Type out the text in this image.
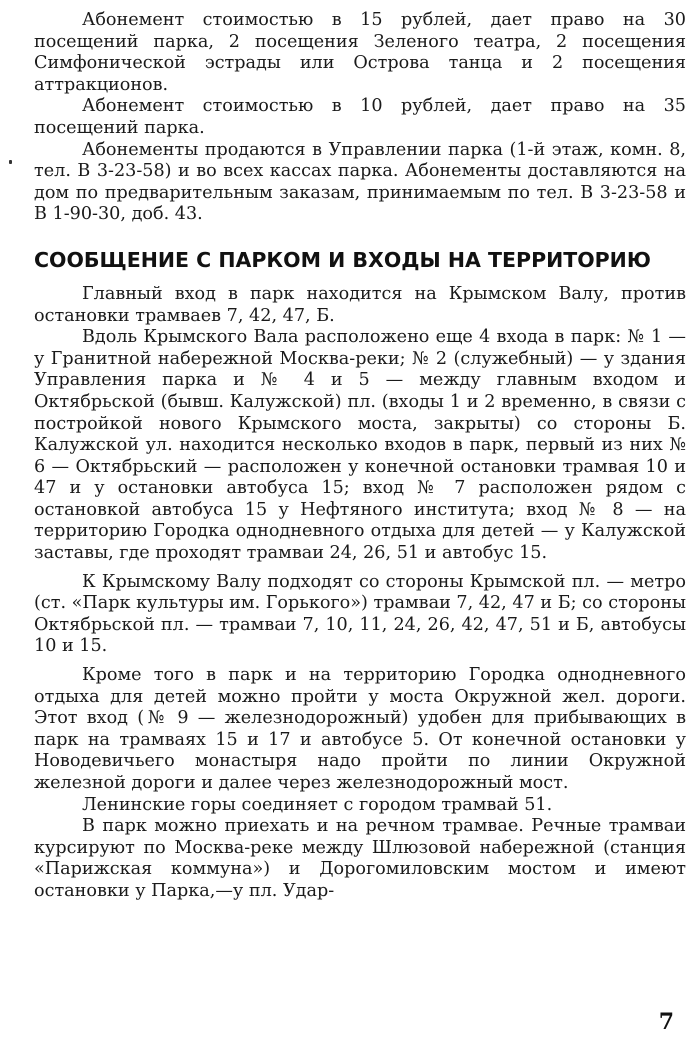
Абонемент стоимостью в 15 рублей, дает право на 30 посещений парка, 2 посещения Зеленого театра, 2 посещения Симфонической эстрады или Острова танца и 2 посещения аттракционов.

Абонемент стоимостью в 10 рублей, дает право на 35 посещений парка.

Абонементы продаются в Управлении парка (1-й этаж, комн. 8, тел. В 3-23-58) и во всех кассах парка. Абонементы доставляются на дом по предварительным заказам, принимаемым по тел. В 3-23-58 и В 1-90-30, доб. 43.

СООБЩЕНИЕ С ПАРКОМ И ВХОДЫ НА ТЕРРИТОРИЮ

Главный вход в парк находится на Крымском Валу, против остановки трамваев 7, 42, 47, Б.

Вдоль Крымского Вала расположено еще 4 входа в парк: № 1 — у Гранитной набережной Москва-реки; № 2 (служебный) — у здания Управления парка и № 4 и 5 — между главным входом и Октябрьской (бывш. Калужской) пл. (входы 1 и 2 временно, в связи с постройкой нового Крымского моста, закрыты) со стороны Б. Калужской ул. находится несколько входов в парк, первый из них № 6 — Октябрьский — расположен у конечной остановки трамвая 10 и 47 и у остановки автобуса 15; вход № 7 расположен рядом с остановкой автобуса 15 у Нефтяного института; вход № 8 — на территорию Городка однодневного отдыха для детей — у Калужской заставы, где проходят трамваи 24, 26, 51 и автобус 15.

К Крымскому Валу подходят со стороны Крымской пл. — метро (ст. «Парк культуры им. Горького») трамваи 7, 42, 47 и Б; со стороны Октябрьской пл. — трамваи 7, 10, 11, 24, 26, 42, 47, 51 и Б, автобусы 10 и 15.

Кроме того в парк и на территорию Городка однодневного отдыха для детей можно пройти у моста Окружной жел. дороги. Этот вход (№ 9 — железнодорожный) удобен для прибывающих в парк на трамваях 15 и 17 и автобусе 5. От конечной остановки у Новодевичьего монастыря надо пройти по линии Окружной железной дороги и далее через железнодорожный мост.

Ленинские горы соединяет с городом трамвай 51.

В парк можно приехать и на речном трамвае. Речные трамваи курсируют по Москва-реке между Шлюзовой набережной (станция «Парижская коммуна») и Дорогомиловским мостом и имеют остановки у Парка,—у пл. Удар-

7
